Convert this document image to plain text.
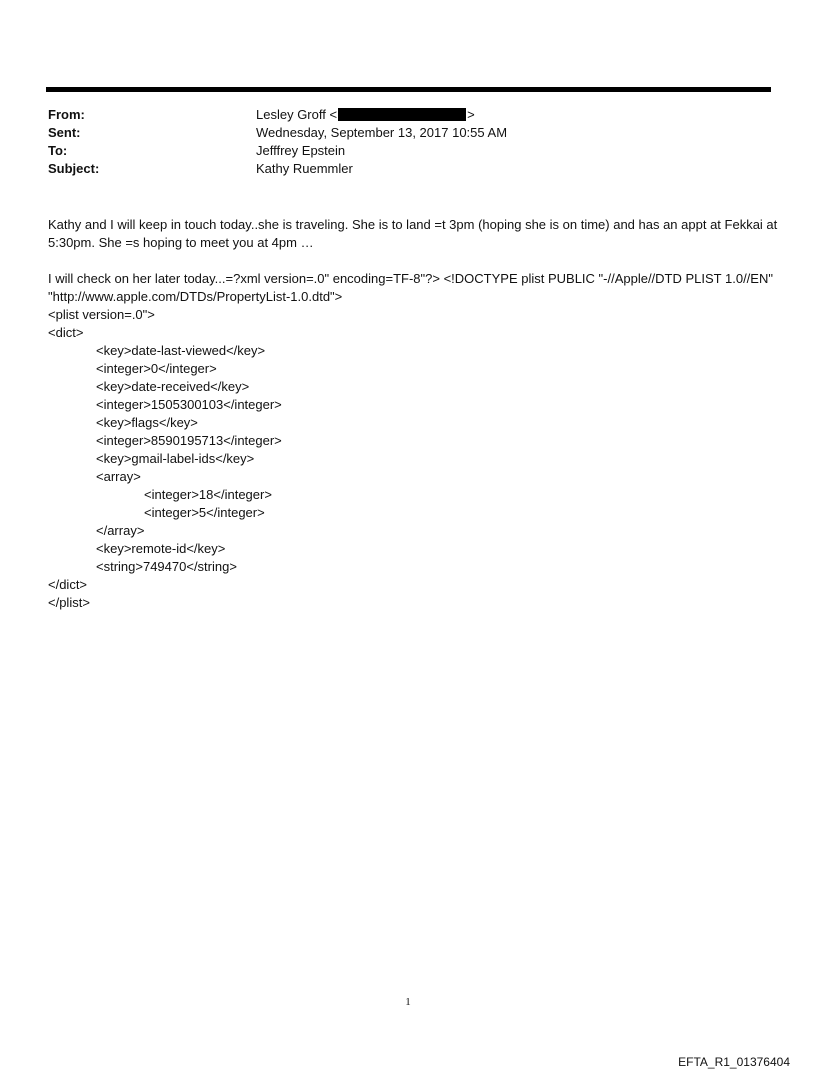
From:	Lesley Groff <	>
Sent:	Wednesday, September 13, 2017 10:55 AM
To:	Jefffrey Epstein
Subject:	Kathy Ruemmler

Kathy and I will keep in touch today..she is traveling. She is to land =t 3pm (hoping she is on time) and has an appt at Fekkai at 5:30pm. She =s hoping to meet you at 4pm …

I will check on her later today...=?xml version=.0" encoding=TF-8"?> <!DOCTYPE plist PUBLIC "-//Apple//DTD PLIST 1.0//EN" "http://www.apple.com/DTDs/PropertyList-1.0.dtd">

<plist version=.0">
<dict>
<key>date-last-viewed</key>
<integer>0</integer>
<key>date-received</key>
<integer>1505300103</integer>
<key>flags</key>
<integer>8590195713</integer>
<key>gmail-label-ids</key>
<array>
<integer>18</integer>
<integer>5</integer>
</array>
<key>remote-id</key>
<string>749470</string>
</dict>
</plist>
1
EFTA_R1_01376404
